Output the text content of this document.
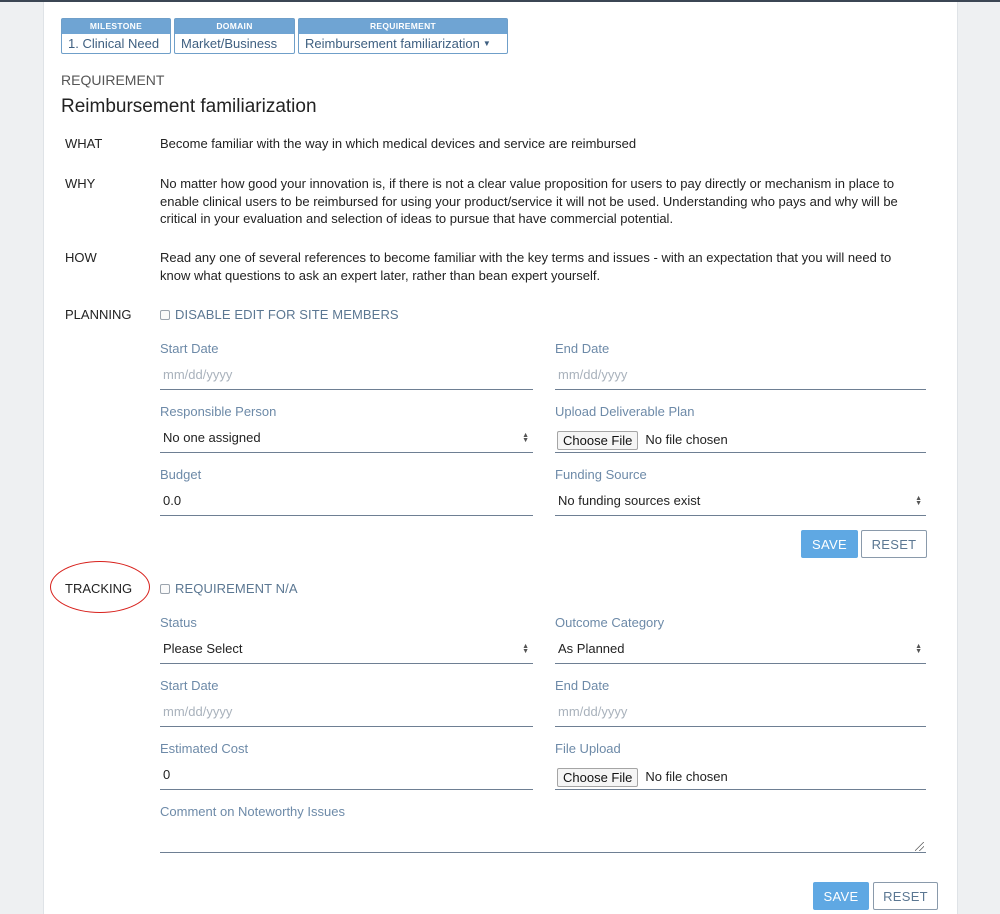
MILESTONE
1. Clinical Need
DOMAIN
Market/Business
REQUIREMENT
Reimbursement familiarization ▼
REQUIREMENT
Reimbursement familiarization
WHAT	Become familiar with the way in which medical devices and service are reimbursed
WHY	No matter how good your innovation is, if there is not a clear value proposition for users to pay directly or mechanism in place to enable clinical users to be reimbursed for using your product/service it will not be used. Understanding who pays and why will be critical in your evaluation and selection of ideas to pursue that have commercial potential.
HOW	Read any one of several references to become familiar with the key terms and issues - with an expectation that you will need to know what questions to ask an expert later, rather than bean expert yourself.
PLANNING	DISABLE EDIT FOR SITE MEMBERS
Start Date
mm/dd/yyyy
End Date
mm/dd/yyyy
Responsible Person
No one assigned	▲
▼
Upload Deliverable Plan
Choose File	No file chosen
Budget
0.0
Funding Source
No funding sources exist	▲
▼
SAVE	RESET
TRACKING	REQUIREMENT N/A
Status
Please Select	▲
▼
Outcome Category
As Planned	▲
▼
Start Date
mm/dd/yyyy
End Date
mm/dd/yyyy
Estimated Cost
0
File Upload
Choose File	No file chosen
Comment on Noteworthy Issues
SAVE	RESET
